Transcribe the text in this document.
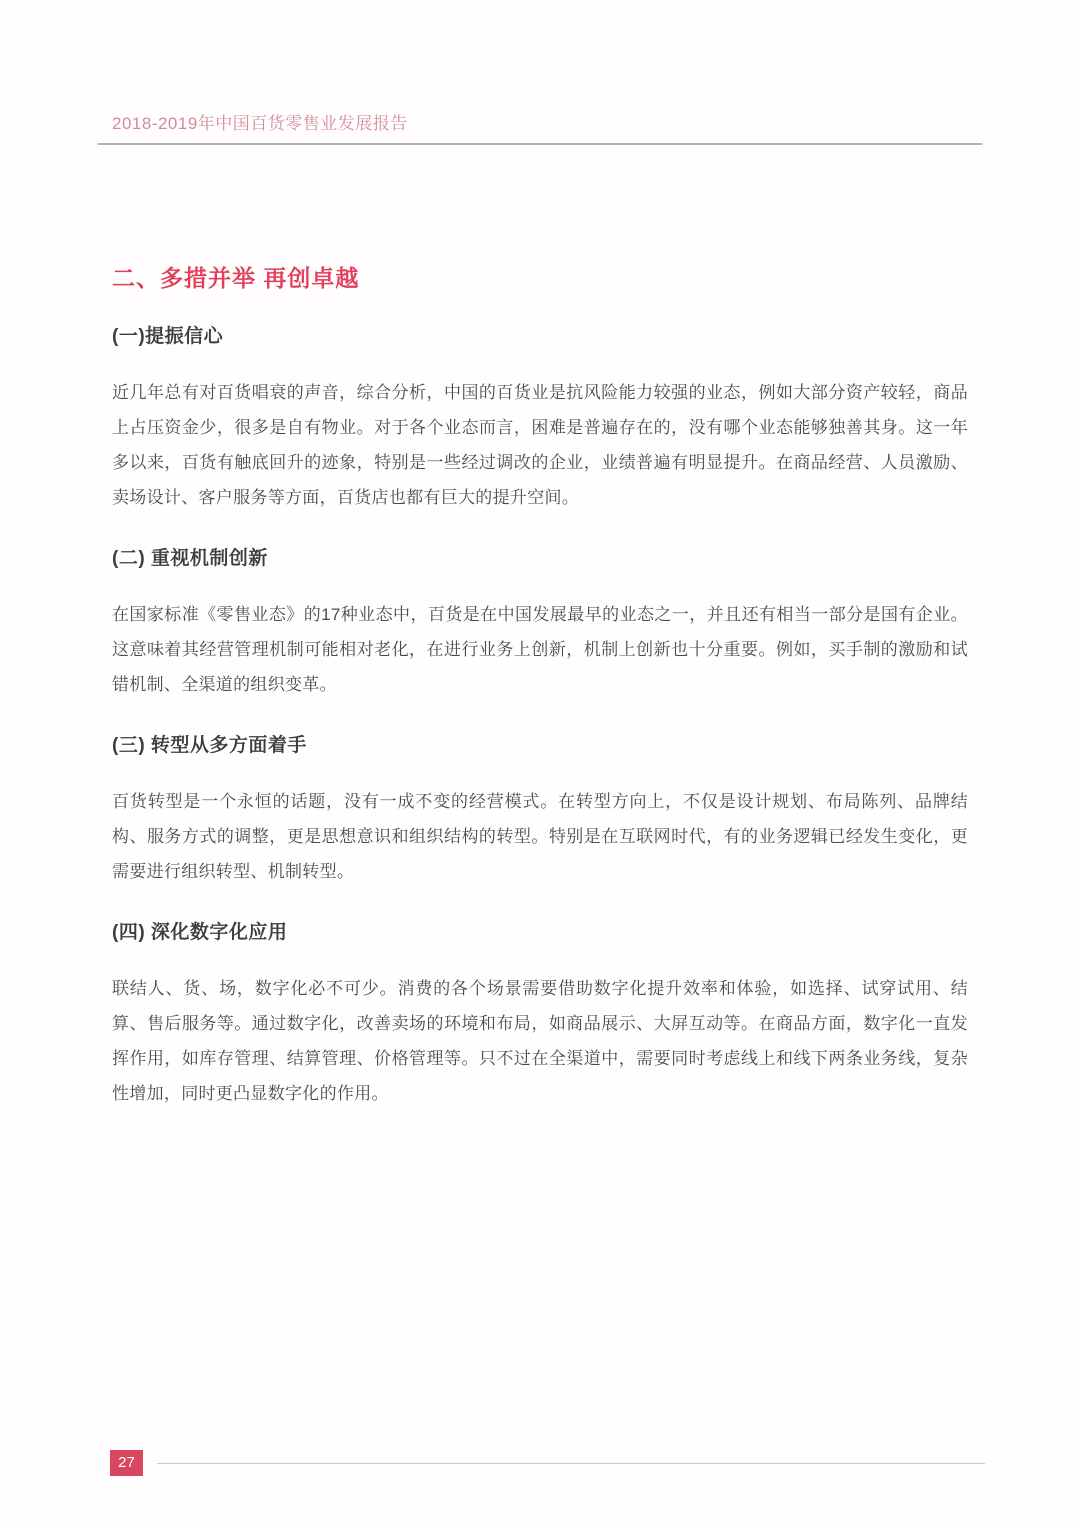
2018-2019年中国百货零售业发展报告
二、多措并举 再创卓越
(一)提振信心

近几年总有对百货唱衰的声音，综合分析，中国的百货业是抗风险能力较强的业态，例如大部分资产较轻，商品上占压资金少，很多是自有物业。对于各个业态而言，困难是普遍存在的，没有哪个业态能够独善其身。这一年多以来，百货有触底回升的迹象，特别是一些经过调改的企业，业绩普遍有明显提升。在商品经营、人员激励、卖场设计、客户服务等方面，百货店也都有巨大的提升空间。

(二) 重视机制创新

在国家标准《零售业态》的17种业态中，百货是在中国发展最早的业态之一，并且还有相当一部分是国有企业。这意味着其经营管理机制可能相对老化，在进行业务上创新，机制上创新也十分重要。例如，买手制的激励和试错机制、全渠道的组织变革。

(三) 转型从多方面着手

百货转型是一个永恒的话题，没有一成不变的经营模式。在转型方向上，不仅是设计规划、布局陈列、品牌结构、服务方式的调整，更是思想意识和组织结构的转型。特别是在互联网时代，有的业务逻辑已经发生变化，更需要进行组织转型、机制转型。

(四) 深化数字化应用

联结人、货、场，数字化必不可少。消费的各个场景需要借助数字化提升效率和体验，如选择、试穿试用、结算、售后服务等。通过数字化，改善卖场的环境和布局，如商品展示、大屏互动等。在商品方面，数字化一直发挥作用，如库存管理、结算管理、价格管理等。只不过在全渠道中，需要同时考虑线上和线下两条业务线，复杂性增加，同时更凸显数字化的作用。

27
